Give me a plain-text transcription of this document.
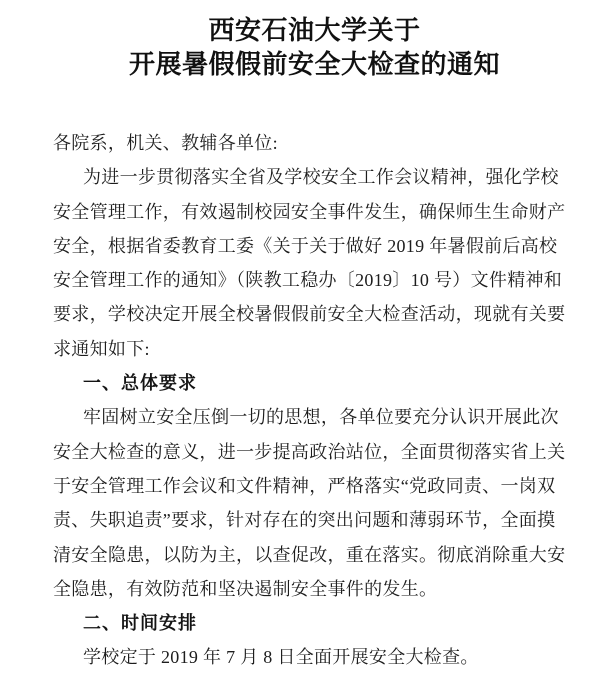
西安石油大学关于
开展暑假假前安全大检查的通知
各院系，机关、教辅各单位:
为进一步贯彻落实全省及学校安全工作会议精神，强化学校
安全管理工作，有效遏制校园安全事件发生，确保师生生命财产
安全，根据省委教育工委《关于关于做好 2019 年暑假前后高校
安全管理工作的通知》（陕教工稳办〔2019〕10 号）文件精神和
要求，学校决定开展全校暑假假前安全大检查活动，现就有关要
求通知如下:
一、总体要求
牢固树立安全压倒一切的思想，各单位要充分认识开展此次
安全大检查的意义，进一步提高政治站位，全面贯彻落实省上关
于安全管理工作会议和文件精神，严格落实“党政同责、一岗双
责、失职追责”要求，针对存在的突出问题和薄弱环节，全面摸
清安全隐患，以防为主，以查促改，重在落实。彻底消除重大安
全隐患，有效防范和坚决遏制安全事件的发生。
二、时间安排
学校定于 2019 年 7 月 8 日全面开展安全大检查。
